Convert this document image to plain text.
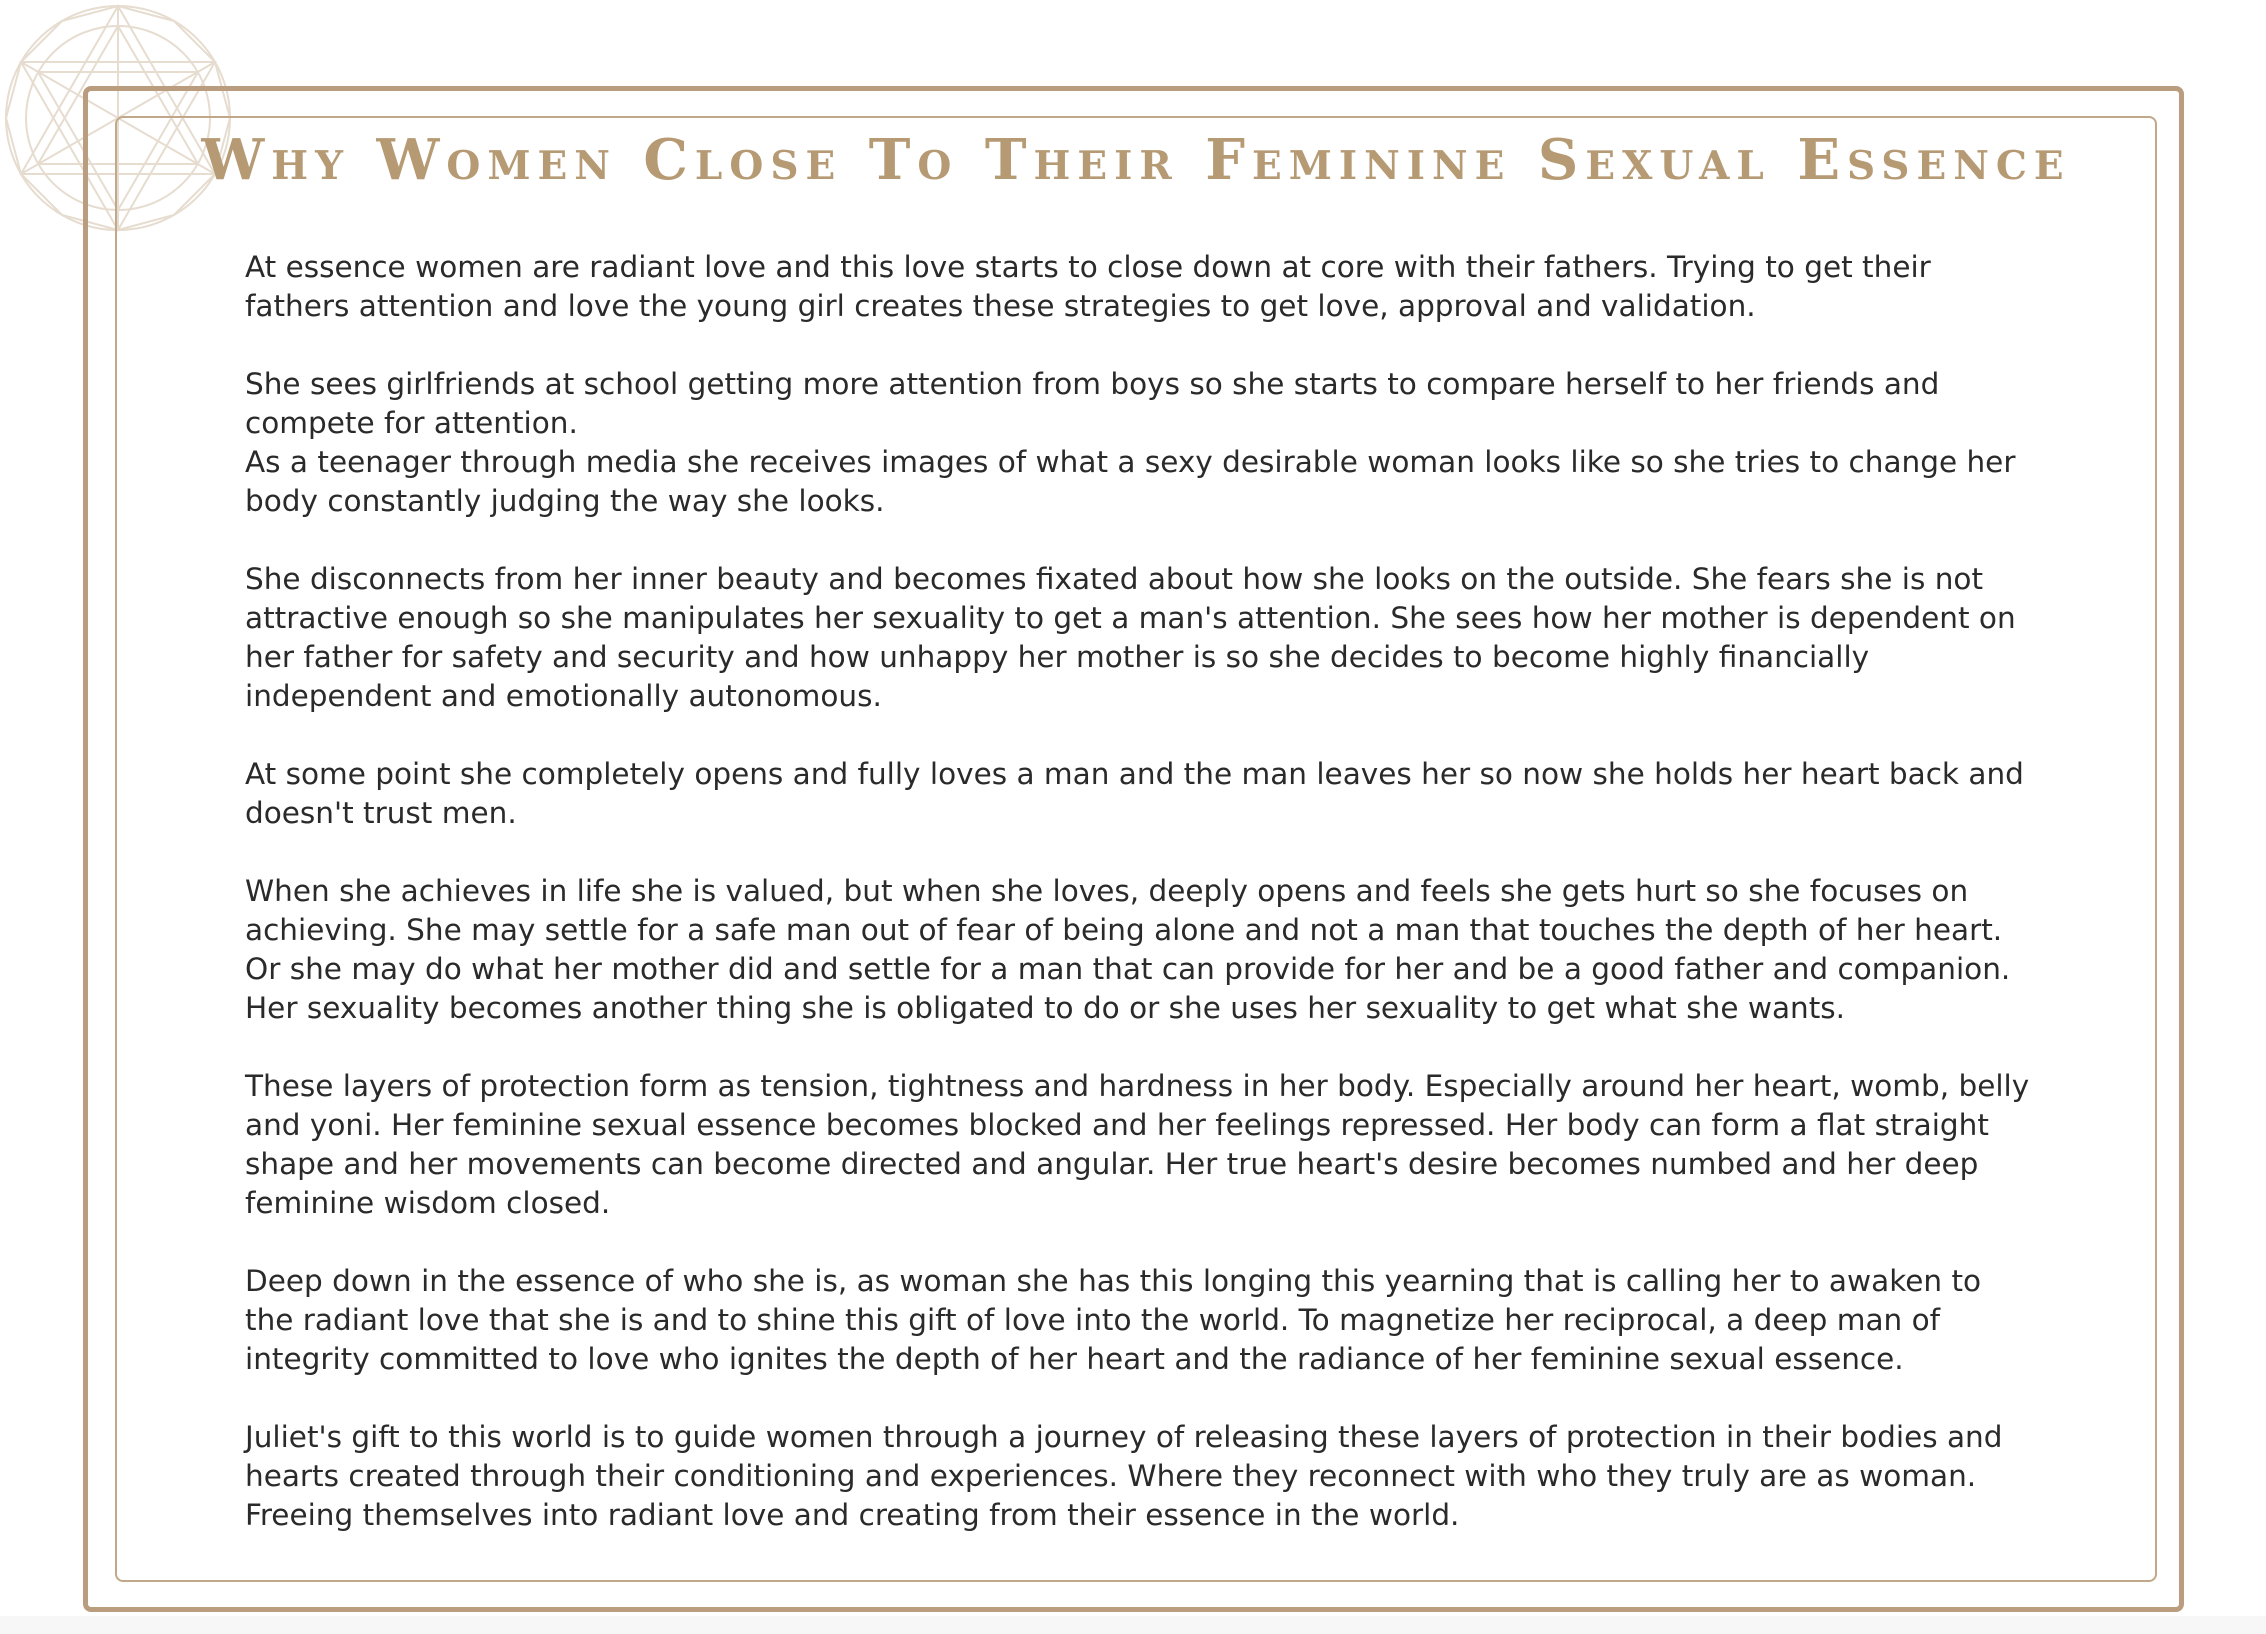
Why Women Close To Their Feminine Sexual Essence

At essence women are radiant love and this love starts to close down at core with their fathers. Trying to get their fathers attention and love the young girl creates these strategies to get love, approval and validation.

She sees girlfriends at school getting more attention from boys so she starts to compare herself to her friends and compete for attention.

As a teenager through media she receives images of what a sexy desirable woman looks like so she tries to change her body constantly judging the way she looks.

She disconnects from her inner beauty and becomes fixated about how she looks on the outside. She fears she is not attractive enough so she manipulates her sexuality to get a man's attention. She sees how her mother is dependent on her father for safety and security and how unhappy her mother is so she decides to become highly financially independent and emotionally autonomous.

At some point she completely opens and fully loves a man and the man leaves her so now she holds her heart back and doesn't trust men.

When she achieves in life she is valued, but when she loves, deeply opens and feels she gets hurt so she focuses on achieving. She may settle for a safe man out of fear of being alone and not a man that touches the depth of her heart. Or she may do what her mother did and settle for a man that can provide for her and be a good father and companion. Her sexuality becomes another thing she is obligated to do or she uses her sexuality to get what she wants.

These layers of protection form as tension, tightness and hardness in her body. Especially around her heart, womb, belly and yoni. Her feminine sexual essence becomes blocked and her feelings repressed. Her body can form a flat straight shape and her movements can become directed and angular. Her true heart's desire becomes numbed and her deep feminine wisdom closed.

Deep down in the essence of who she is, as woman she has this longing this yearning that is calling her to awaken to the radiant love that she is and to shine this gift of love into the world. To magnetize her reciprocal, a deep man of integrity committed to love who ignites the depth of her heart and the radiance of her feminine sexual essence.

Juliet's gift to this world is to guide women through a journey of releasing these layers of protection in their bodies and hearts created through their conditioning and experiences. Where they reconnect with who they truly are as woman. Freeing themselves into radiant love and creating from their essence in the world.
